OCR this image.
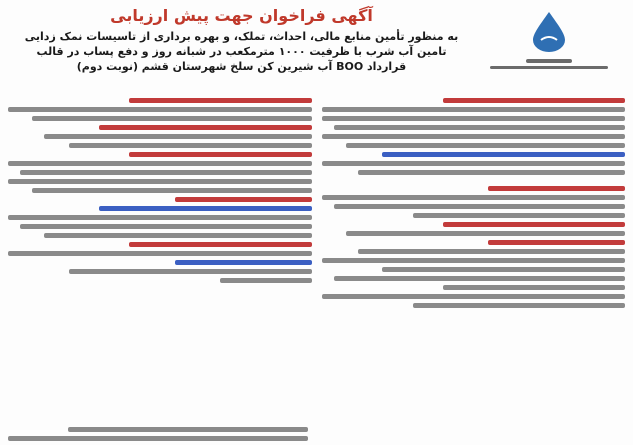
آگهی فراخوان جهت پیش ارزیابی
به منظور تأمین منابع مالی، احداث، تملک، و بهره برداری از تاسیسات نمک زدایی تامین آب شرب با ظرفیت ۱۰۰۰ مترمکعب در شبانه روز و دفع پساب در قالب قرارداد BOO آب شیرین کن سلخ شهرستان قشم (نوبت دوم)
